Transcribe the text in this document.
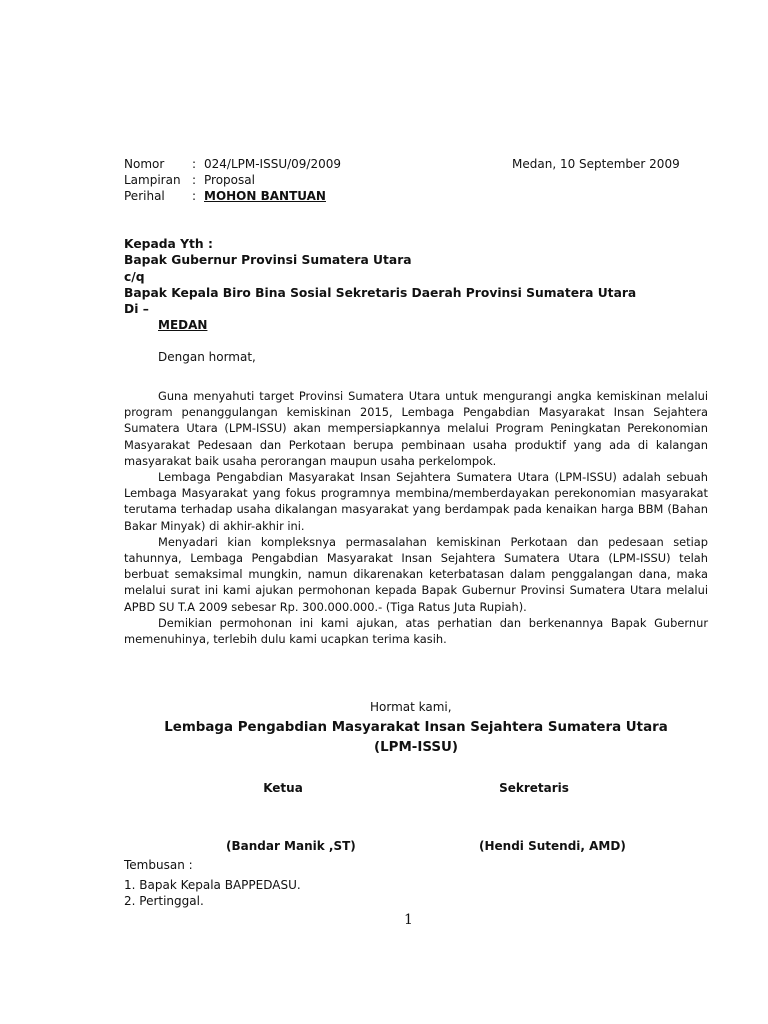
Nomor : 024/LPM-ISSU/09/2009
Lampiran : Proposal
Perihal : MOHON BANTUAN
Medan, 10 September 2009
Kepada Yth :
Bapak Gubernur Provinsi Sumatera Utara
c/q
Bapak Kepala Biro Bina Sosial Sekretaris Daerah Provinsi Sumatera Utara
Di –
MEDAN
Dengan hormat,

Guna menyahuti target Provinsi Sumatera Utara untuk mengurangi angka kemiskinan melalui program penanggulangan kemiskinan 2015, Lembaga Pengabdian Masyarakat Insan Sejahtera Sumatera Utara (LPM-ISSU) akan mempersiapkannya melalui Program Peningkatan Perekonomian Masyarakat Pedesaan dan Perkotaan berupa pembinaan usaha produktif yang ada di kalangan masyarakat baik usaha perorangan maupun usaha perkelompok.

Lembaga Pengabdian Masyarakat Insan Sejahtera Sumatera Utara (LPM-ISSU) adalah sebuah Lembaga Masyarakat yang fokus programnya membina/memberdayakan perekonomian masyarakat terutama terhadap usaha dikalangan masyarakat yang berdampak pada kenaikan harga BBM (Bahan Bakar Minyak) di akhir-akhir ini.

Menyadari kian kompleksnya permasalahan kemiskinan Perkotaan dan pedesaan setiap tahunnya, Lembaga Pengabdian Masyarakat Insan Sejahtera Sumatera Utara (LPM-ISSU) telah berbuat semaksimal mungkin, namun dikarenakan keterbatasan dalam penggalangan dana, maka melalui surat ini kami ajukan permohonan kepada Bapak Gubernur Provinsi Sumatera Utara melalui APBD SU T.A 2009 sebesar Rp. 300.000.000.- (Tiga Ratus Juta Rupiah).

Demikian permohonan ini kami ajukan, atas perhatian dan berkenannya Bapak Gubernur memenuhinya, terlebih dulu kami ucapkan terima kasih.

Hormat kami,
Lembaga Pengabdian Masyarakat Insan Sejahtera Sumatera Utara
(LPM-ISSU)
Ketua	Sekretaris
(Bandar Manik ,ST)	(Hendi Sutendi, AMD)
Tembusan :
1. Bapak Kepala BAPPEDASU.
2. Pertinggal.
1
